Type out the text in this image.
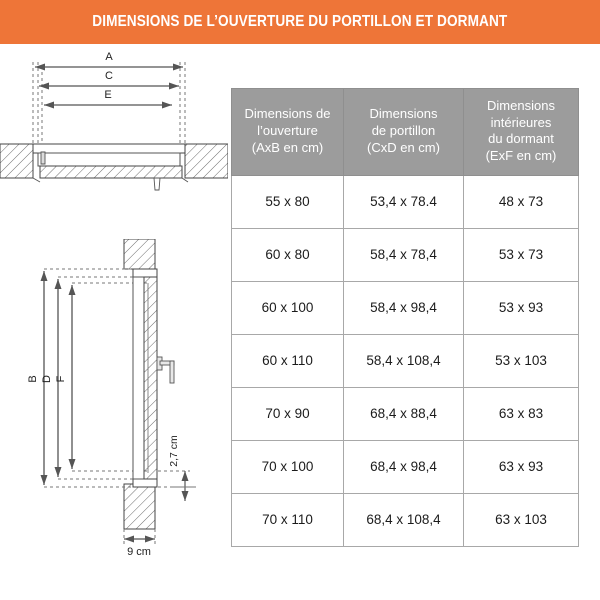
DIMENSIONS DE L’OUVERTURE DU PORTILLON ET DORMANT
A
C
E
B D F
2,7 cm
9 cm
Dimensions de
l’ouverture
(AxB en cm)	Dimensions
de portillon
(CxD en cm)	Dimensions
intérieures
du dormant
(ExF en cm)
55 x 80	53,4 x 78.4	48 x 73
60 x 80	58,4 x 78,4	53 x 73
60 x 100	58,4 x 98,4	53 x 93
60 x 110	58,4 x 108,4	53 x 103
70 x 90	68,4 x 88,4	63 x 83
70 x 100	68,4 x 98,4	63 x 93
70 x 110	68,4 x 108,4	63 x 103
